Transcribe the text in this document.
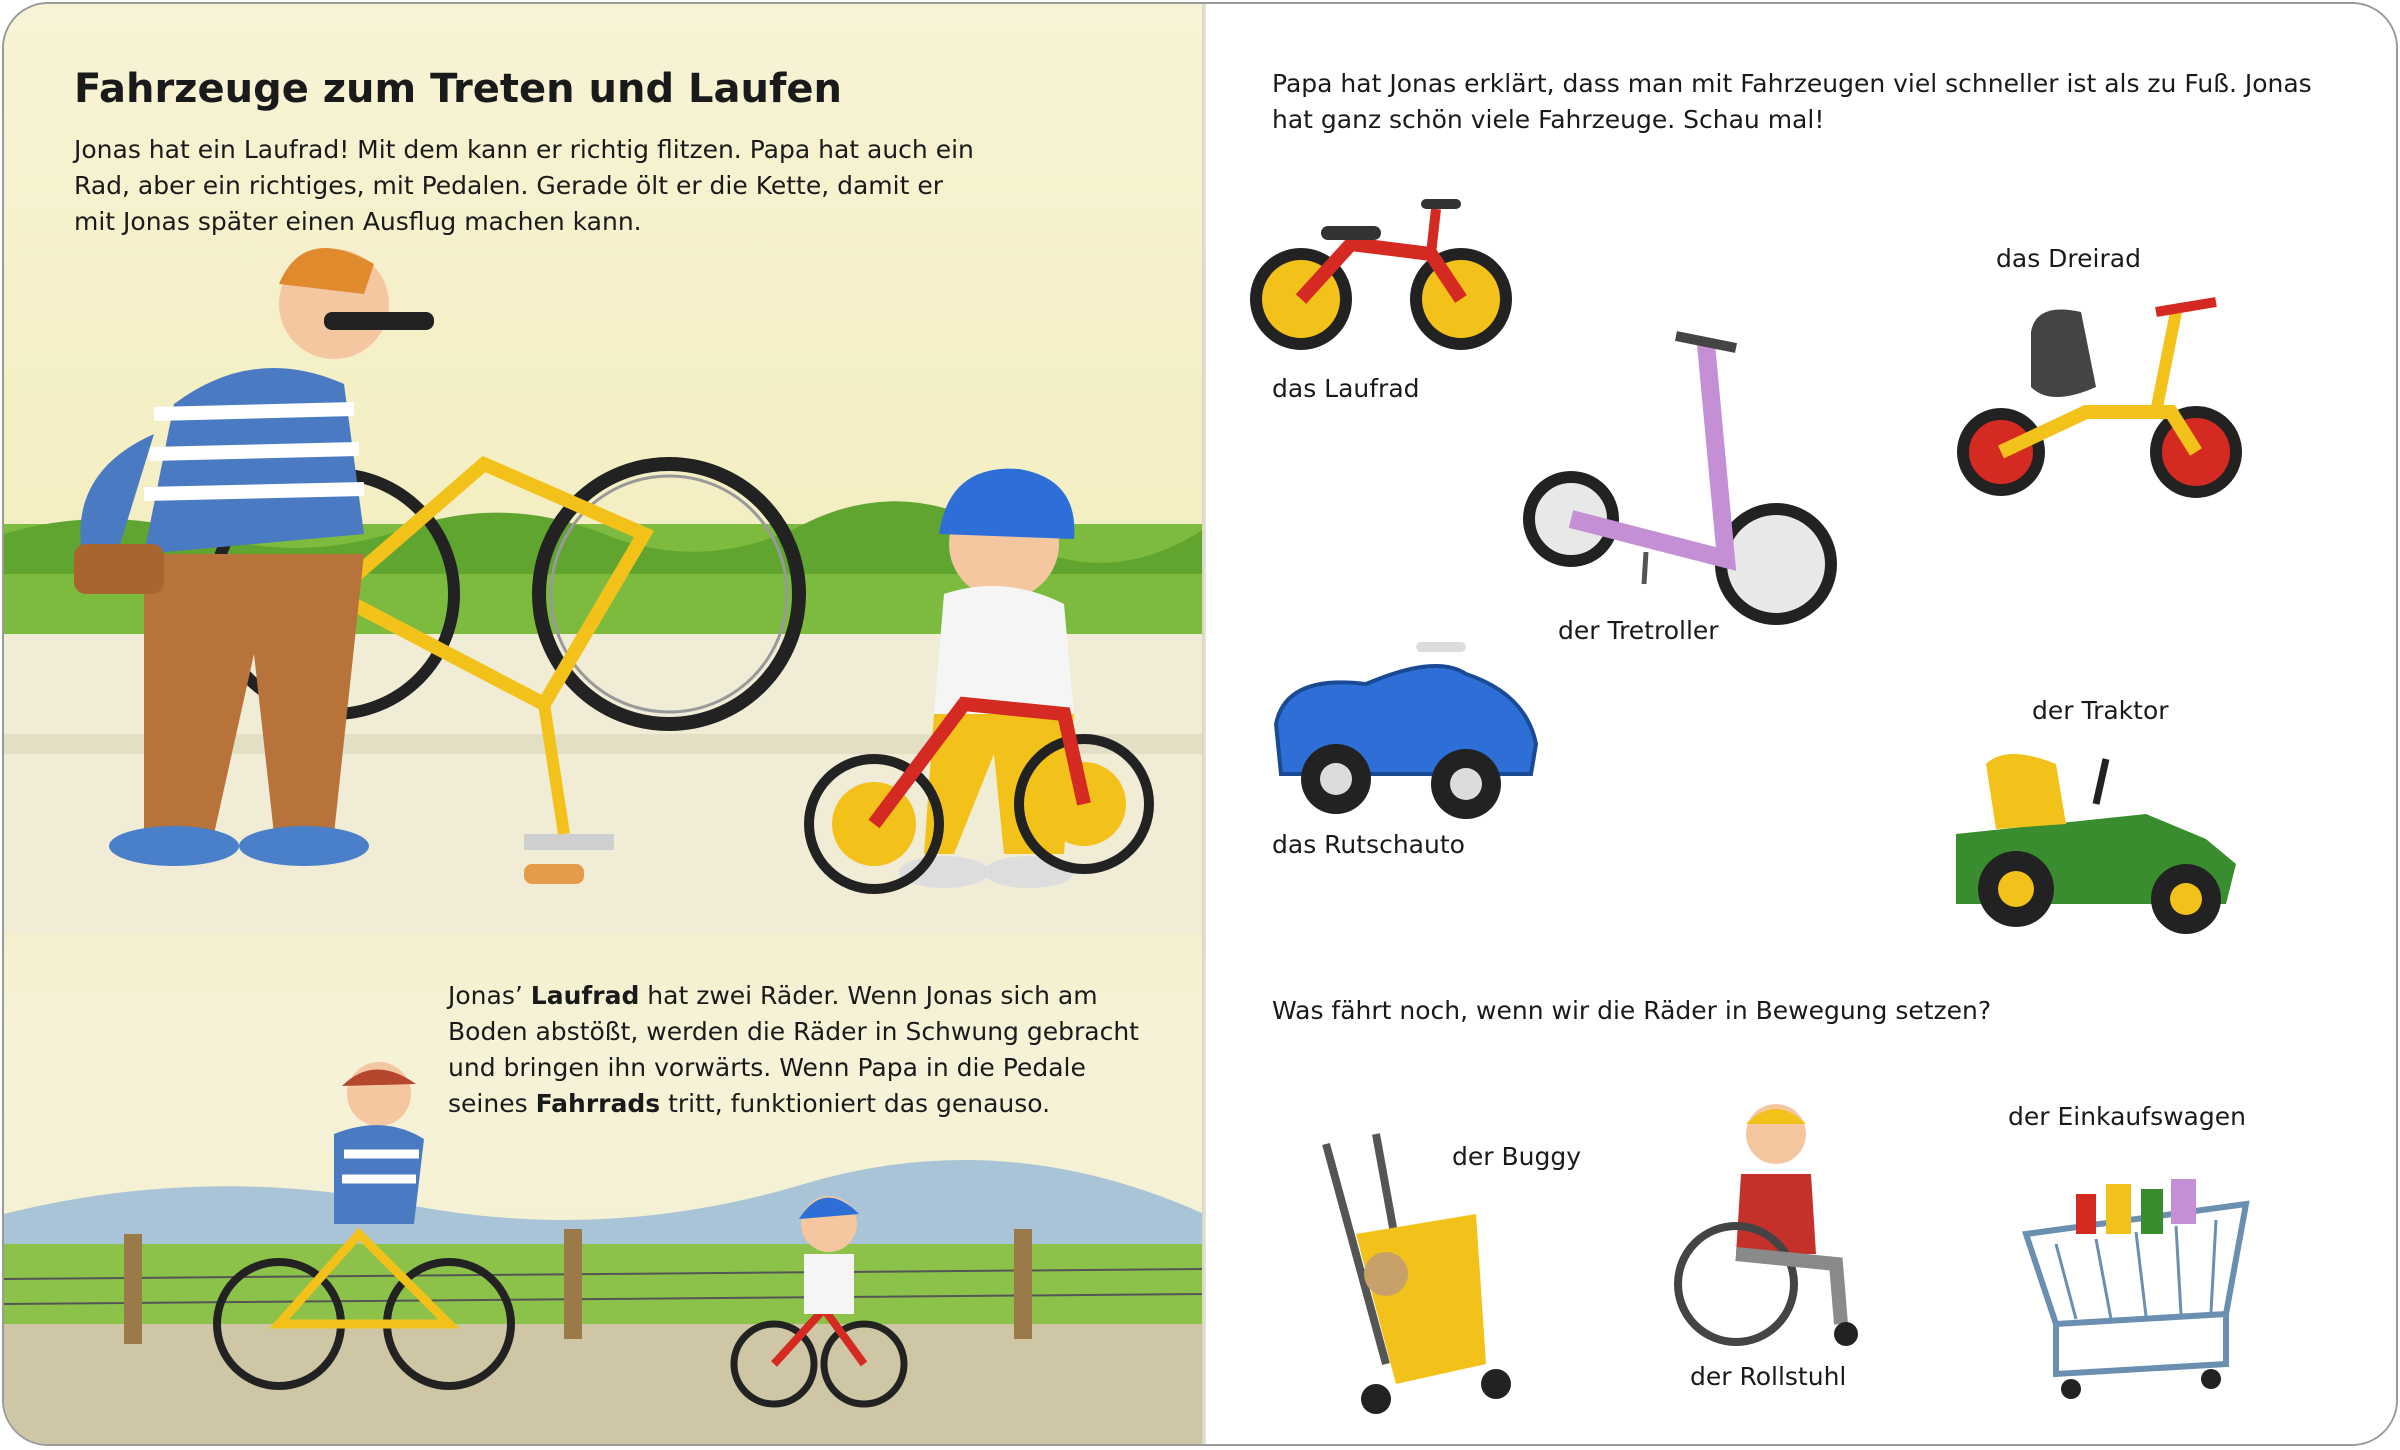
Fahrzeuge zum Treten und Laufen

Jonas hat ein Laufrad! Mit dem kann er richtig flitzen. Papa hat auch ein Rad, aber ein richtiges, mit Pedalen. Gerade ölt er die Kette, damit er mit Jonas später einen Ausflug machen kann.

Jonas’ Laufrad hat zwei Räder. Wenn Jonas sich am Boden abstößt, werden die Räder in Schwung gebracht und bringen ihn vorwärts. Wenn Papa in die Pedale seines Fahrrads tritt, funktioniert das genauso.

Papa hat Jonas erklärt, dass man mit Fahrzeugen viel schneller ist als zu Fuß. Jonas hat ganz schön viele Fahrzeuge. Schau mal!

das Laufrad
der Tretroller
das Dreirad
das Rutschauto
der Traktor

Was fährt noch, wenn wir die Räder in Bewegung setzen?

der Buggy
der Rollstuhl
der Einkaufswagen
